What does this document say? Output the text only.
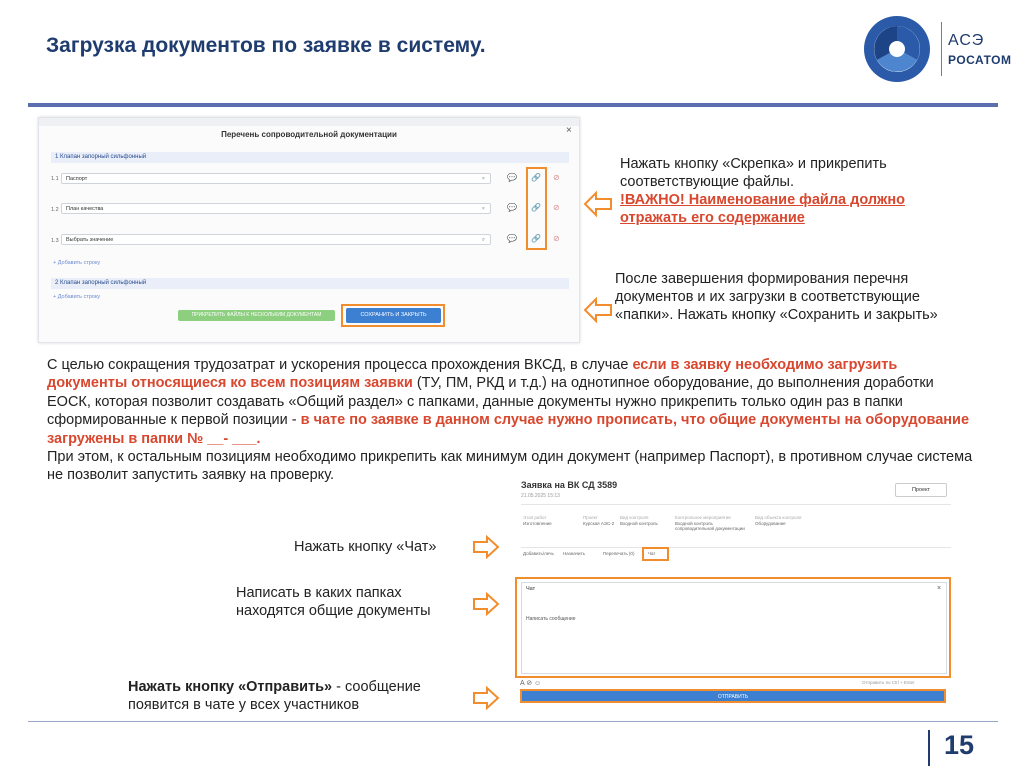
Загрузка документов по заявке в систему.	АСЭ
РОСАТОМ
Перечень сопроводительной документации	×
1 Клапан запорный сильфонный
1.1	Паспорт	×	💬 🔗 ⊘
1.2	План качества	×	💬 🔗 ⊘
1.3	Выбрать значение	⌕	💬 🔗 ⊘
+ Добавить строку
2 Клапан запорный сильфонный
+ Добавить строку
ПРИКРЕПИТЬ ФАЙЛЫ К НЕСКОЛЬКИМ ДОКУМЕНТАМ	СОХРАНИТЬ И ЗАКРЫТЬ
Нажать кнопку «Скрепка» и прикрепить соответствующие файлы.
!ВАЖНО! Наименование файла должно отражать его содержание
После завершения формирования перечня документов и их загрузки в соответствующие «папки». Нажать кнопку «Сохранить и закрыть»
С целью сокращения трудозатрат и ускорения процесса прохождения ВКСД, в случае если в заявку необходимо загрузить документы относящиеся ко всем позициям заявки (ТУ, ПМ, РКД и т.д.) на однотипное оборудование, до выполнения доработки ЕОСК, которая позволит создавать «Общий раздел» с папками, данные документы нужно прикрепить только один раз в папки сформированные к первой позиции - в чате по заявке в данном случае нужно прописать, что общие документы на оборудование загружены в папки № __- ___.
При этом, к остальным позициям необходимо прикрепить как минимум один документ (например Паспорт), в противном случае система не позволит запустить заявку на проверку.
Заявка на ВК СД 3589
21.05.2025 15:13
Проект
Этап работ
Изготовление
Проект
Курская АЭС-2
Вид контроля
Входной контроль
Контрольное мероприятие
Входной контроль сопроводительной документации
Вид объекта контроля
Оборудование
Добавить/лечь Назначить	Перепечать (0)	Чат
Нажать кнопку «Чат»
Написать в каких папках находятся общие документы
Нажать кнопку «Отправить» - сообщение появится в чате у всех участников
Чат	×
Написать сообщение
A ⊘ ☺	Отправить по Ctrl + Enter
ОТПРАВИТЬ
15
